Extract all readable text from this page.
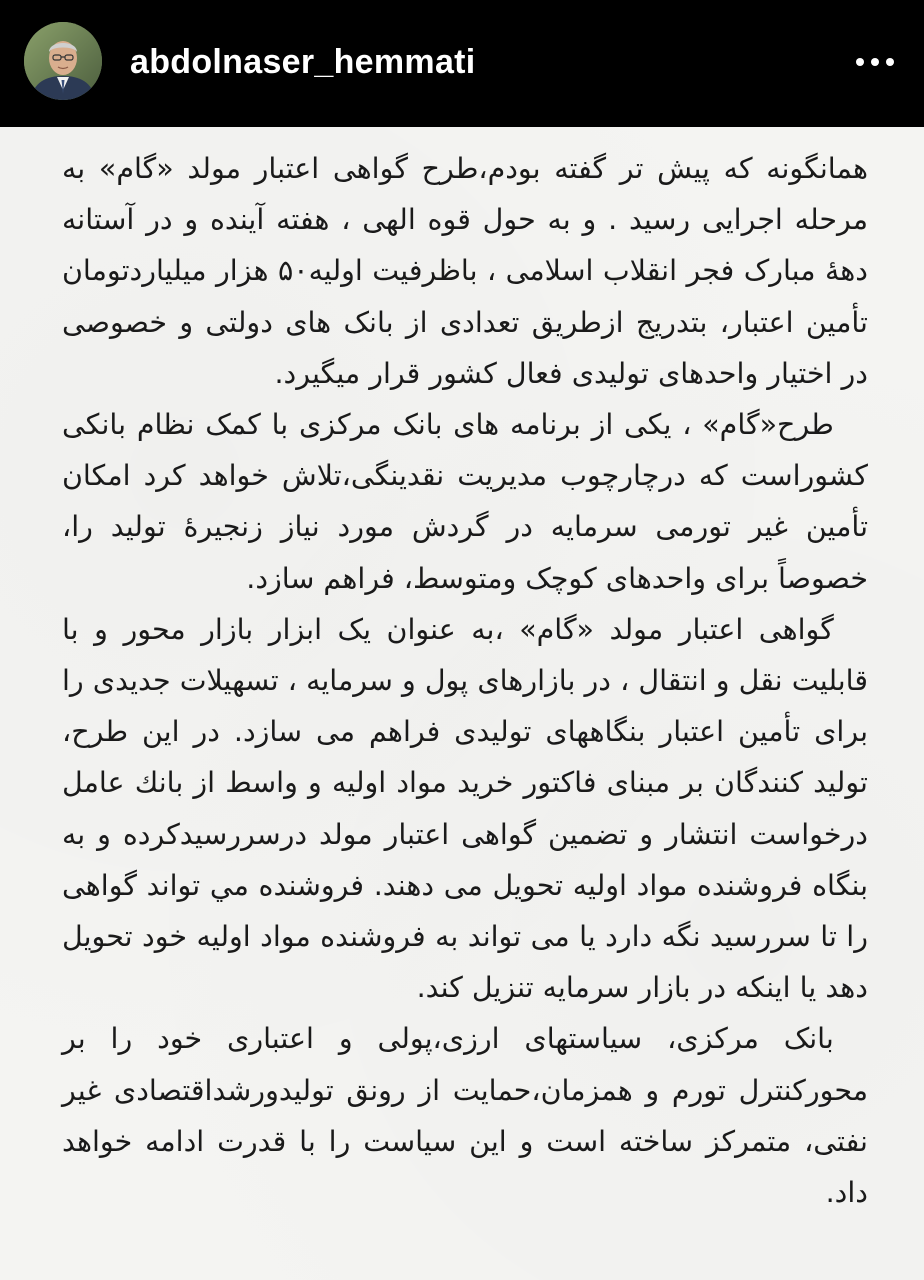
abdolnaser_hemmati

همانگونه که پیش تر گفته بودم،طرح گواهی اعتبار مولد «گام» به مرحله اجرایی رسید . و به حول قوه الهی ، هفته آینده و در آستانه دههٔ مبارک فجر انقلاب اسلامی ، باظرفیت اولیه۵۰ هزار میلیاردتومان تأمین اعتبار، بتدریج ازطریق تعدادی از بانک های دولتی و خصوصی در اختیار واحدهای تولیدی فعال کشور قرار میگیرد.

طرح«گام» ، یکی از برنامه های بانک مرکزی با کمک نظام بانکی کشوراست که درچارچوب مدیریت نقدینگی،تلاش خواهد کرد امکان تأمین غیر تورمی سرمایه در گردش مورد نیاز زنجیرهٔ تولید را، خصوصاً برای واحدهای کوچک ومتوسط، فراهم سازد.

گواهی اعتبار مولد «گام» ،به عنوان یک ابزار بازار محور و با قابلیت نقل و انتقال ، در بازارهای پول و سرمایه ، تسهیلات جدیدی را برای تأمین اعتبار بنگاههای تولیدی فراهم می سازد. در این طرح، تولید کنندگان بر مبنای فاکتور خرید مواد اولیه و واسط از بانك عامل درخواست انتشار و تضمین گواهی اعتبار مولد درسررسیدکرده و به بنگاه فروشنده مواد اولیه تحویل می دهند. فروشنده مي تواند گواهی را تا سررسید نگه دارد یا می تواند به فروشنده مواد اولیه خود تحویل دهد یا اینکه در بازار سرمایه تنزیل کند.

بانک مرکزی، سیاستهای ارزی،پولی و اعتباری خود را بر محورکنترل تورم و همزمان،حمایت از رونق تولیدورشداقتصادی غیر نفتی، متمرکز ساخته است و این سیاست را با قدرت ادامه خواهد داد.
